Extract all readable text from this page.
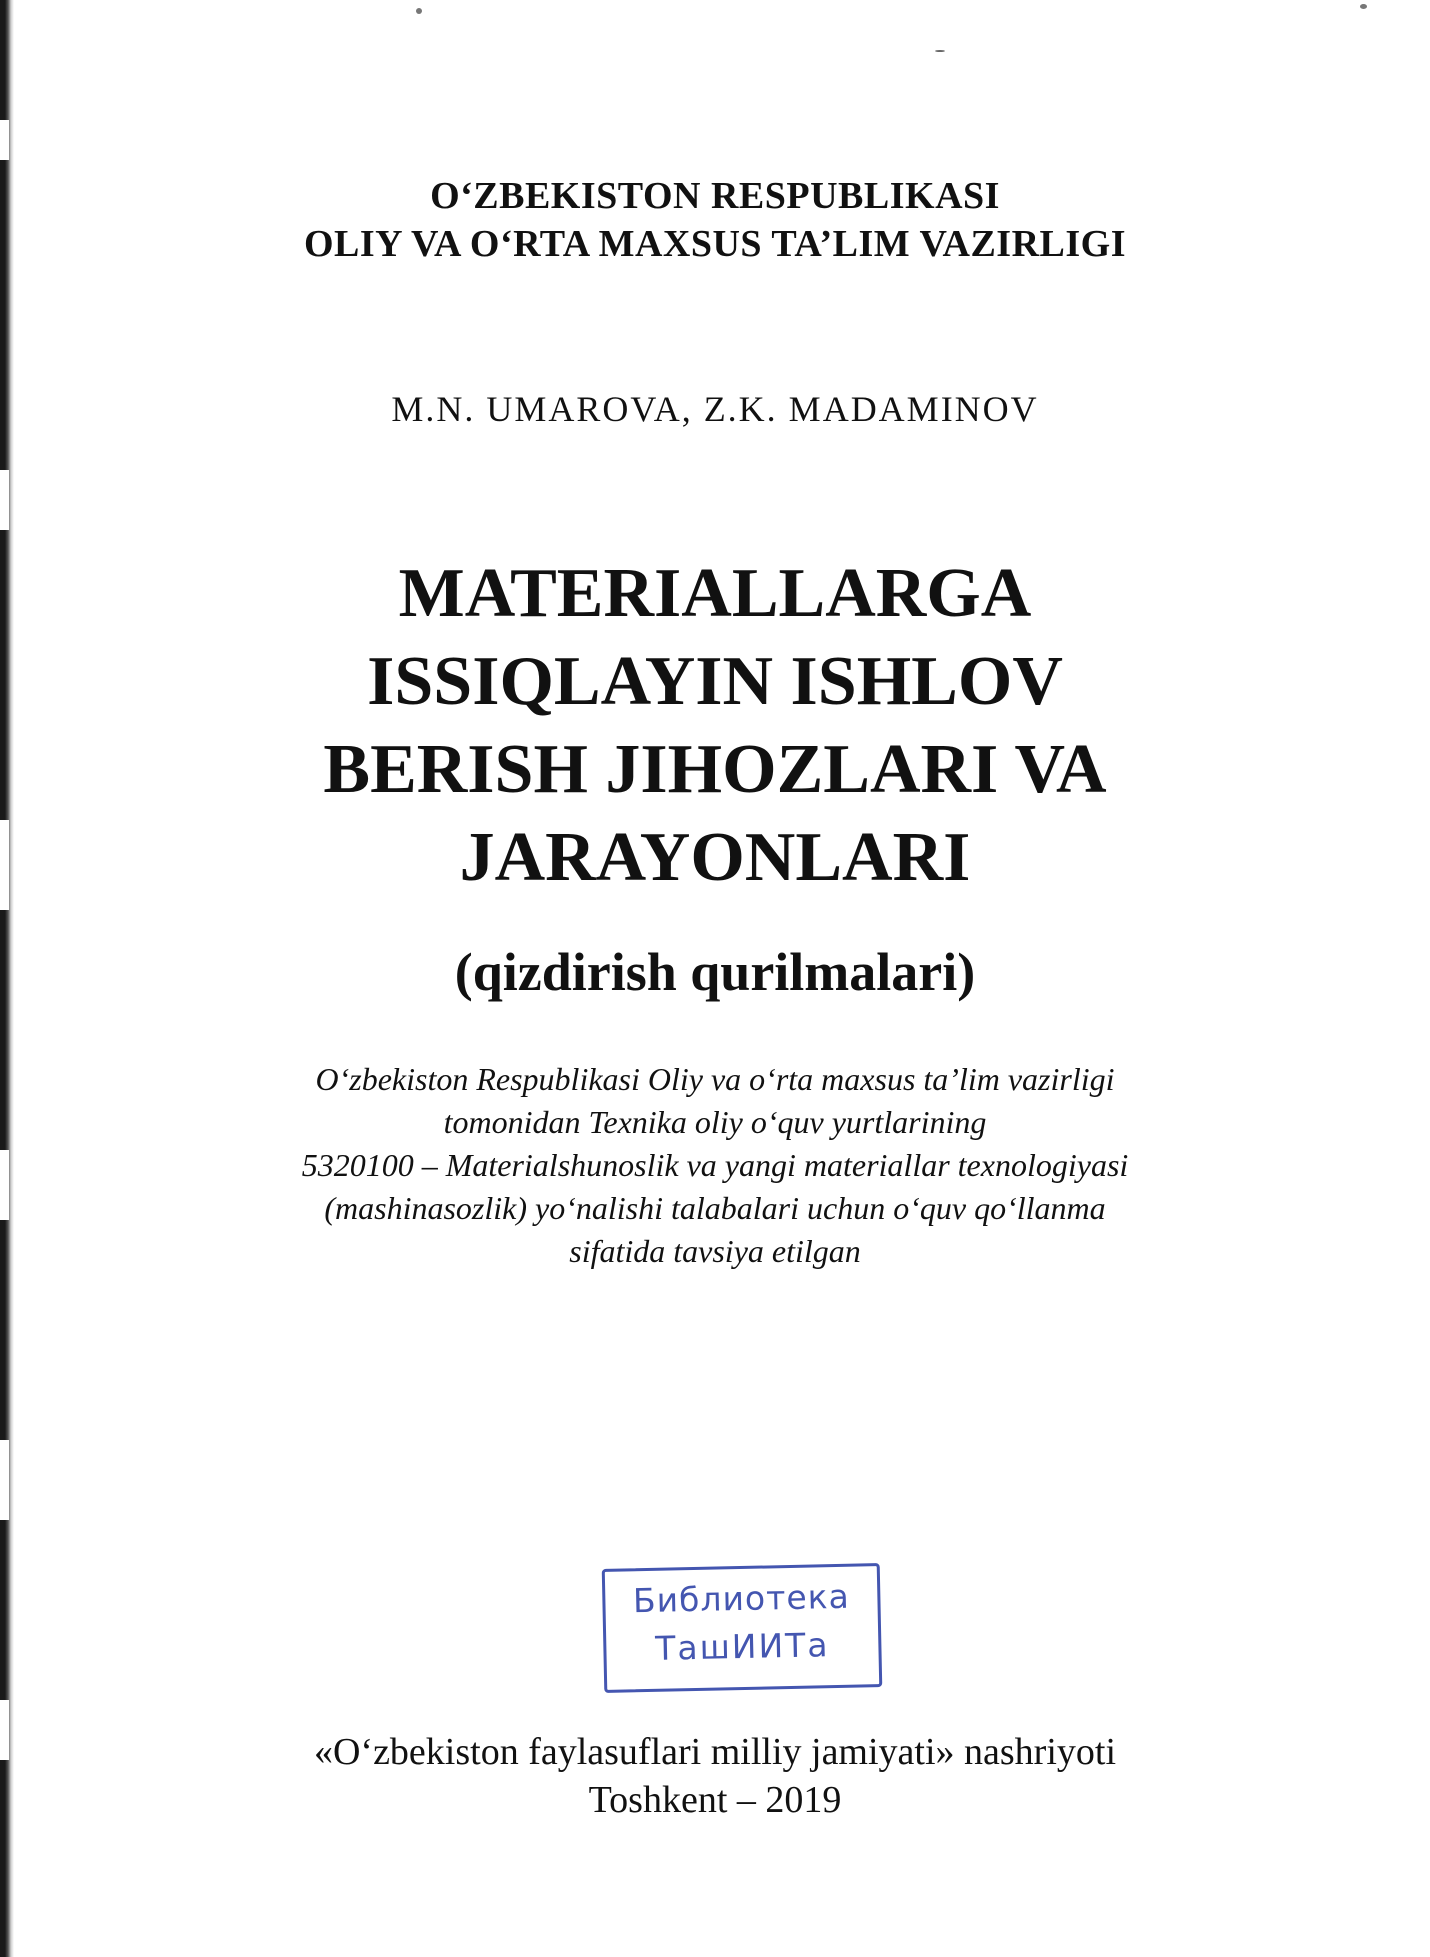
O‘ZBEKISTON RESPUBLIKASI
OLIY VA O‘RTA MAXSUS TA’LIM VAZIRLIGI
M.N. UMAROVA, Z.K. MADAMINOV
MATERIALLARGA
ISSIQLAYIN ISHLOV
BERISH JIHOZLARI VA
JARAYONLARI
(qizdirish qurilmalari)
O‘zbekiston Respublikasi Oliy va o‘rta maxsus ta’lim vazirligi
tomonidan Texnika oliy o‘quv yurtlarining
5320100 – Materialshunoslik va yangi materiallar texnologiyasi
(mashinasozlik) yo‘nalishi talabalari uchun o‘quv qo‘llanma
sifatida tavsiya etilgan
Библиотека
ТашИИТа
«O‘zbekiston faylasuflari milliy jamiyati» nashriyoti
Toshkent – 2019
